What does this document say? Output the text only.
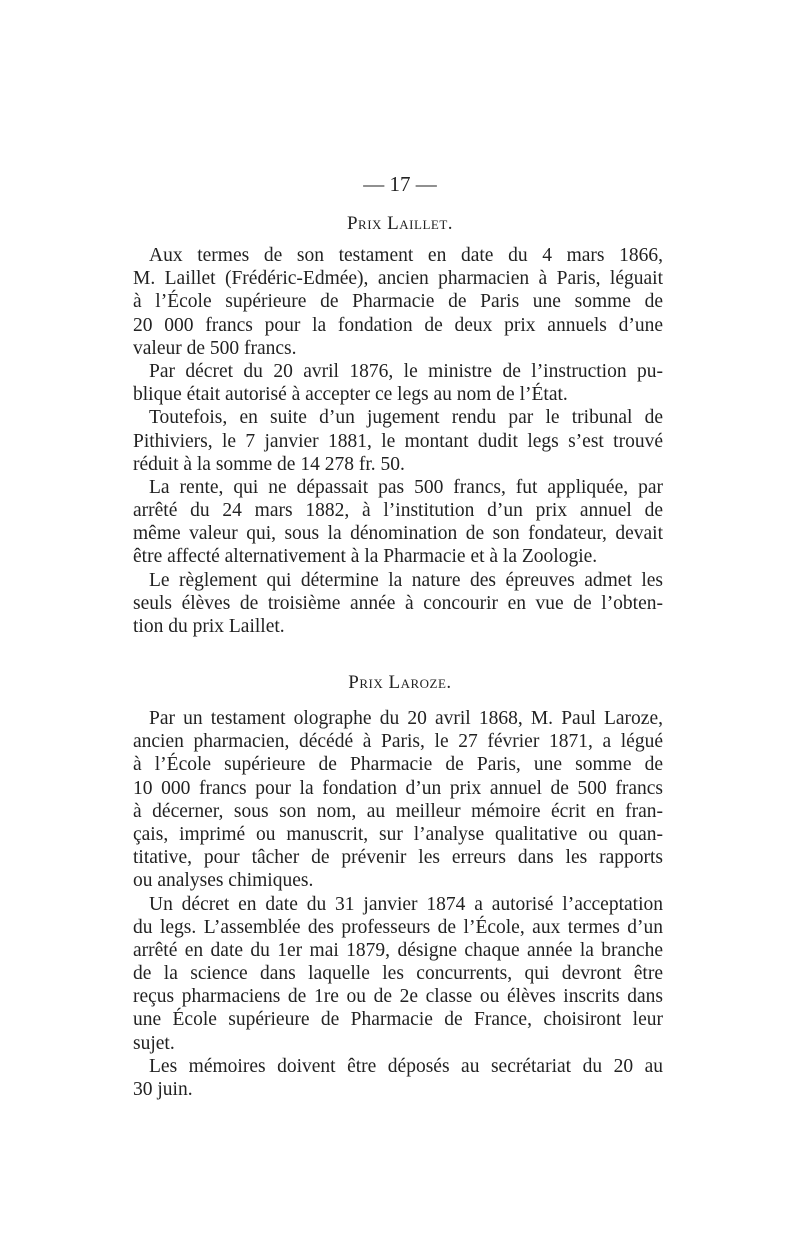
— 17 —
Prix Laillet.
Aux termes de son testament en date du 4 mars 1866,
M. Laillet (Frédéric-Edmée), ancien pharmacien à Paris, léguait
à l’École supérieure de Pharmacie de Paris une somme de
20 000 francs pour la fondation de deux prix annuels d’une
valeur de 500 francs.
Par décret du 20 avril 1876, le ministre de l’instruction pu-
blique était autorisé à accepter ce legs au nom de l’État.
Toutefois, en suite d’un jugement rendu par le tribunal de
Pithiviers, le 7 janvier 1881, le montant dudit legs s’est trouvé
réduit à la somme de 14 278 fr. 50.
La rente, qui ne dépassait pas 500 francs, fut appliquée, par
arrêté du 24 mars 1882, à l’institution d’un prix annuel de
même valeur qui, sous la dénomination de son fondateur, devait
être affecté alternativement à la Pharmacie et à la Zoologie.
Le règlement qui détermine la nature des épreuves admet les
seuls élèves de troisième année à concourir en vue de l’obten-
tion du prix Laillet.
Prix Laroze.
Par un testament olographe du 20 avril 1868, M. Paul Laroze,
ancien pharmacien, décédé à Paris, le 27 février 1871, a légué
à l’École supérieure de Pharmacie de Paris, une somme de
10 000 francs pour la fondation d’un prix annuel de 500 francs
à décerner, sous son nom, au meilleur mémoire écrit en fran-
çais, imprimé ou manuscrit, sur l’analyse qualitative ou quan-
titative, pour tâcher de prévenir les erreurs dans les rapports
ou analyses chimiques.
Un décret en date du 31 janvier 1874 a autorisé l’acceptation
du legs. L’assemblée des professeurs de l’École, aux termes d’un
arrêté en date du 1er mai 1879, désigne chaque année la branche
de la science dans laquelle les concurrents, qui devront être
reçus pharmaciens de 1re ou de 2e classe ou élèves inscrits dans
une École supérieure de Pharmacie de France, choisiront leur
sujet.
Les mémoires doivent être déposés au secrétariat du 20 au
30 juin.
